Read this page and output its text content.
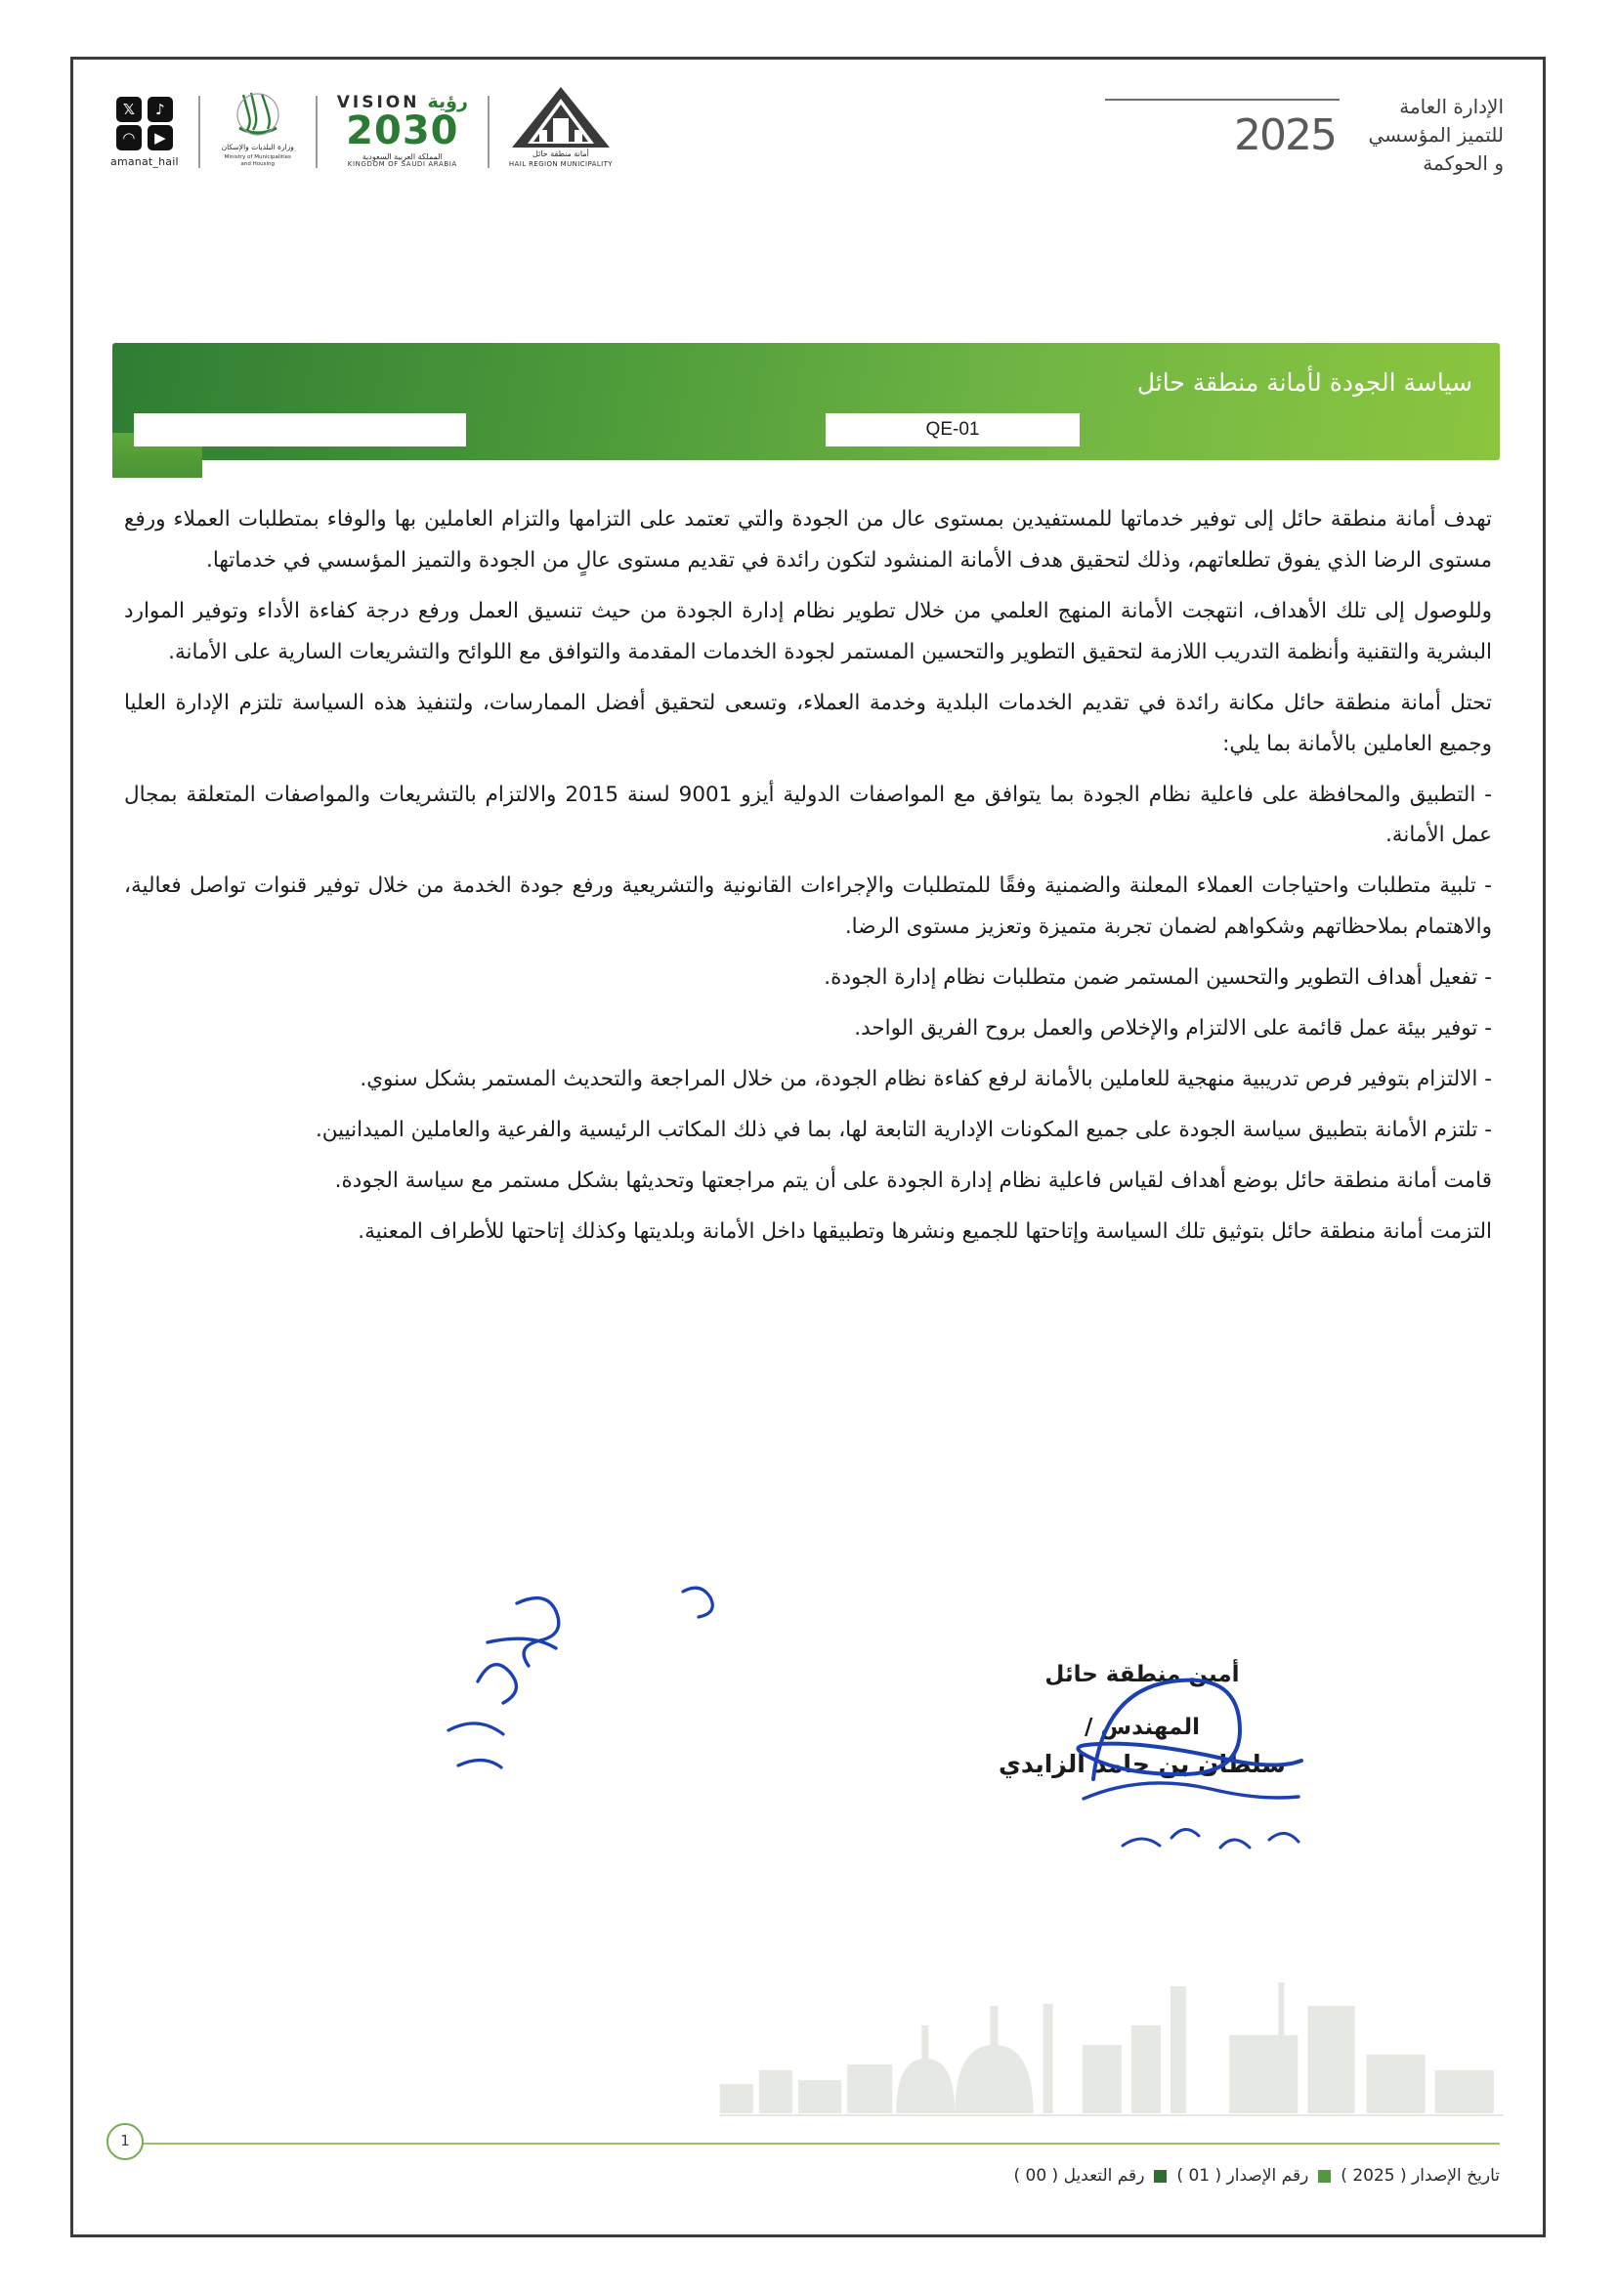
𝕏	♪
◠	▶
amanat_hail
وزارة البلديات والإسكان
Ministry of Municipalities and Housing
VISION رؤية
2030
المملكة العربية السعودية
KINGDOM OF SAUDI ARABIA
أمانة منطقة حائل
HAIL REGION MUNICIPALITY
2025
الإدارة العامة
للتميز المؤسسي
و الحوكمة
سياسة الجودة لأمانة منطقة حائل
QE-01

تهدف أمانة منطقة حائل إلى توفير خدماتها للمستفيدين بمستوى عال من الجودة والتي تعتمد على التزامها والتزام العاملين بها والوفاء بمتطلبات العملاء ورفع مستوى الرضا الذي يفوق تطلعاتهم، وذلك لتحقيق هدف الأمانة المنشود لتكون رائدة في تقديم مستوى عالٍ من الجودة والتميز المؤسسي في خدماتها.

وللوصول إلى تلك الأهداف، انتهجت الأمانة المنهج العلمي من خلال تطوير نظام إدارة الجودة من حيث تنسيق العمل ورفع درجة كفاءة الأداء وتوفير الموارد البشرية والتقنية وأنظمة التدريب اللازمة لتحقيق التطوير والتحسين المستمر لجودة الخدمات المقدمة والتوافق مع اللوائح والتشريعات السارية على الأمانة.

تحتل أمانة منطقة حائل مكانة رائدة في تقديم الخدمات البلدية وخدمة العملاء، وتسعى لتحقيق أفضل الممارسات، ولتنفيذ هذه السياسة تلتزم الإدارة العليا وجميع العاملين بالأمانة بما يلي:

- التطبيق والمحافظة على فاعلية نظام الجودة بما يتوافق مع المواصفات الدولية أيزو 9001 لسنة 2015 والالتزام بالتشريعات والمواصفات المتعلقة بمجال عمل الأمانة.

- تلبية متطلبات واحتياجات العملاء المعلنة والضمنية وفقًا للمتطلبات والإجراءات القانونية والتشريعية ورفع جودة الخدمة من خلال توفير قنوات تواصل فعالية، والاهتمام بملاحظاتهم وشكواهم لضمان تجربة متميزة وتعزيز مستوى الرضا.

- تفعيل أهداف التطوير والتحسين المستمر ضمن متطلبات نظام إدارة الجودة.

- توفير بيئة عمل قائمة على الالتزام والإخلاص والعمل بروح الفريق الواحد.

- الالتزام بتوفير فرص تدريبية منهجية للعاملين بالأمانة لرفع كفاءة نظام الجودة، من خلال المراجعة والتحديث المستمر بشكل سنوي.

- تلتزم الأمانة بتطبيق سياسة الجودة على جميع المكونات الإدارية التابعة لها، بما في ذلك المكاتب الرئيسية والفرعية والعاملين الميدانيين.

قامت أمانة منطقة حائل بوضع أهداف لقياس فاعلية نظام إدارة الجودة على أن يتم مراجعتها وتحديثها بشكل مستمر مع سياسة الجودة.

التزمت أمانة منطقة حائل بتوثيق تلك السياسة وإتاحتها للجميع ونشرها وتطبيقها داخل الأمانة وبلديتها وكذلك إتاحتها للأطراف المعنية.

أمين منطقة حائل
المهندس /
سلطان بن حامد الزايدي
1
تاريخ الإصدار ( 2025 )
رقم الإصدار ( 01 )
رقم التعديل ( 00 )
